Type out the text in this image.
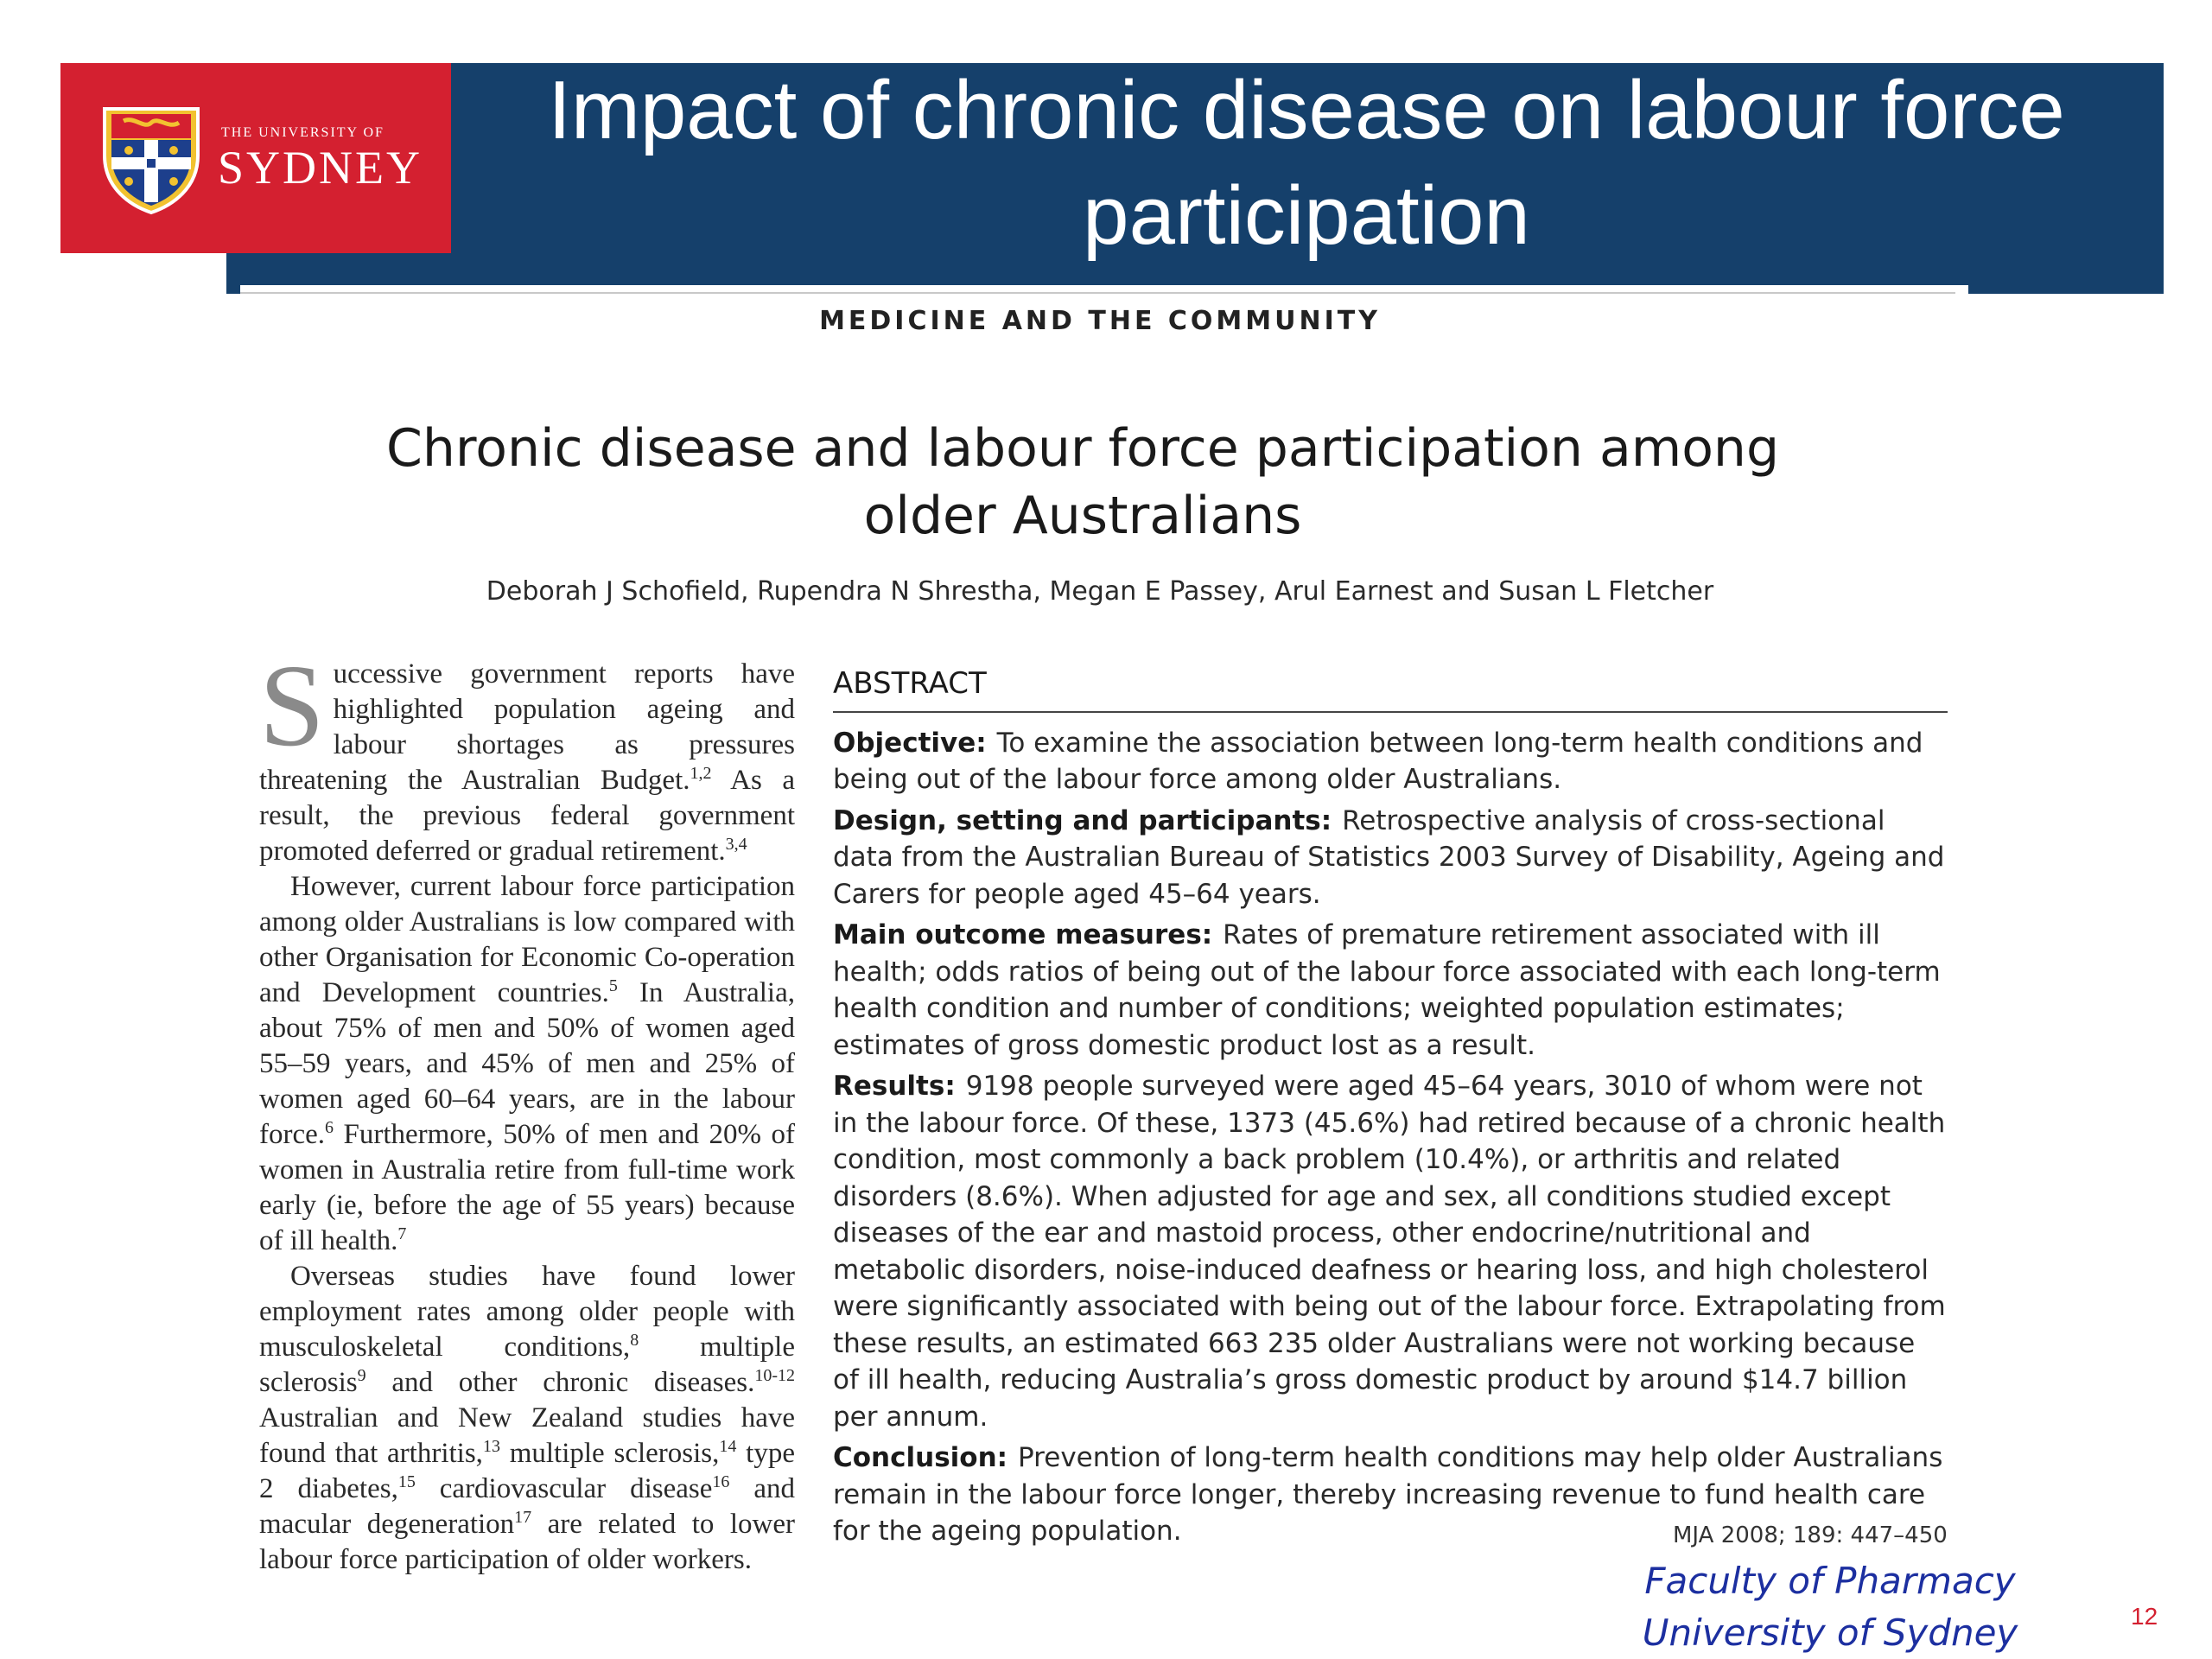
Impact of chronic disease on labour force participation
THE UNIVERSITY OF
SYDNEY
MEDICINE AND THE COMMUNITY
Chronic disease and labour force participation among older Australians
Deborah J Schofield, Rupendra N Shrestha, Megan E Passey, Arul Earnest and Susan L Fletcher

Successive government reports have highlighted population ageing and labour shortages as pressures threatening the Australian Budget.$^{1,2}$ As a result, the previous federal government promoted deferred or gradual retirement.$^{3,4}$

However, current labour force participation among older Australians is low compared with other Organisation for Economic Co-operation and Development countries.$^5$ In Australia, about 75% of men and 50% of women aged 55–59 years, and 45% of men and 25% of women aged 60–64 years, are in the labour force.$^6$ Furthermore, 50% of men and 20% of women in Australia retire from full-time work early (ie, before the age of 55 years) because of ill health.$^7$

Overseas studies have found lower employment rates among older people with musculoskeletal conditions,$^8$ multiple sclerosis$^9$ and other chronic diseases.$^{10-12}$ Australian and New Zealand studies have found that arthritis,$^{13}$ multiple sclerosis,$^{14}$ type 2 diabetes,$^{15}$ cardiovascular disease$^{16}$ and macular degeneration$^{17}$ are related to lower labour force participation of older workers.

ABSTRACT

Objective: To examine the association between long-term health conditions and being out of the labour force among older Australians.

Design, setting and participants: Retrospective analysis of cross-sectional data from the Australian Bureau of Statistics 2003 Survey of Disability, Ageing and Carers for people aged 45–64 years.

Main outcome measures: Rates of premature retirement associated with ill health; odds ratios of being out of the labour force associated with each long-term health condition and number of conditions; weighted population estimates; estimates of gross domestic product lost as a result.

Results: 9198 people surveyed were aged 45–64 years, 3010 of whom were not in the labour force. Of these, 1373 (45.6%) had retired because of a chronic health condition, most commonly a back problem (10.4%), or arthritis and related disorders (8.6%). When adjusted for age and sex, all conditions studied except diseases of the ear and mastoid process, other endocrine/nutritional and metabolic disorders, noise-induced deafness or hearing loss, and high cholesterol were significantly associated with being out of the labour force. Extrapolating from these results, an estimated 663 235 older Australians were not working because of ill health, reducing Australia’s gross domestic product by around $14.7 billion per annum.

Conclusion: Prevention of long-term health conditions may help older Australians remain in the labour force longer, thereby increasing revenue to fund health care for the ageing population.	MJA 2008; 189: 447–450
Faculty of Pharmacy
University of Sydney	12
